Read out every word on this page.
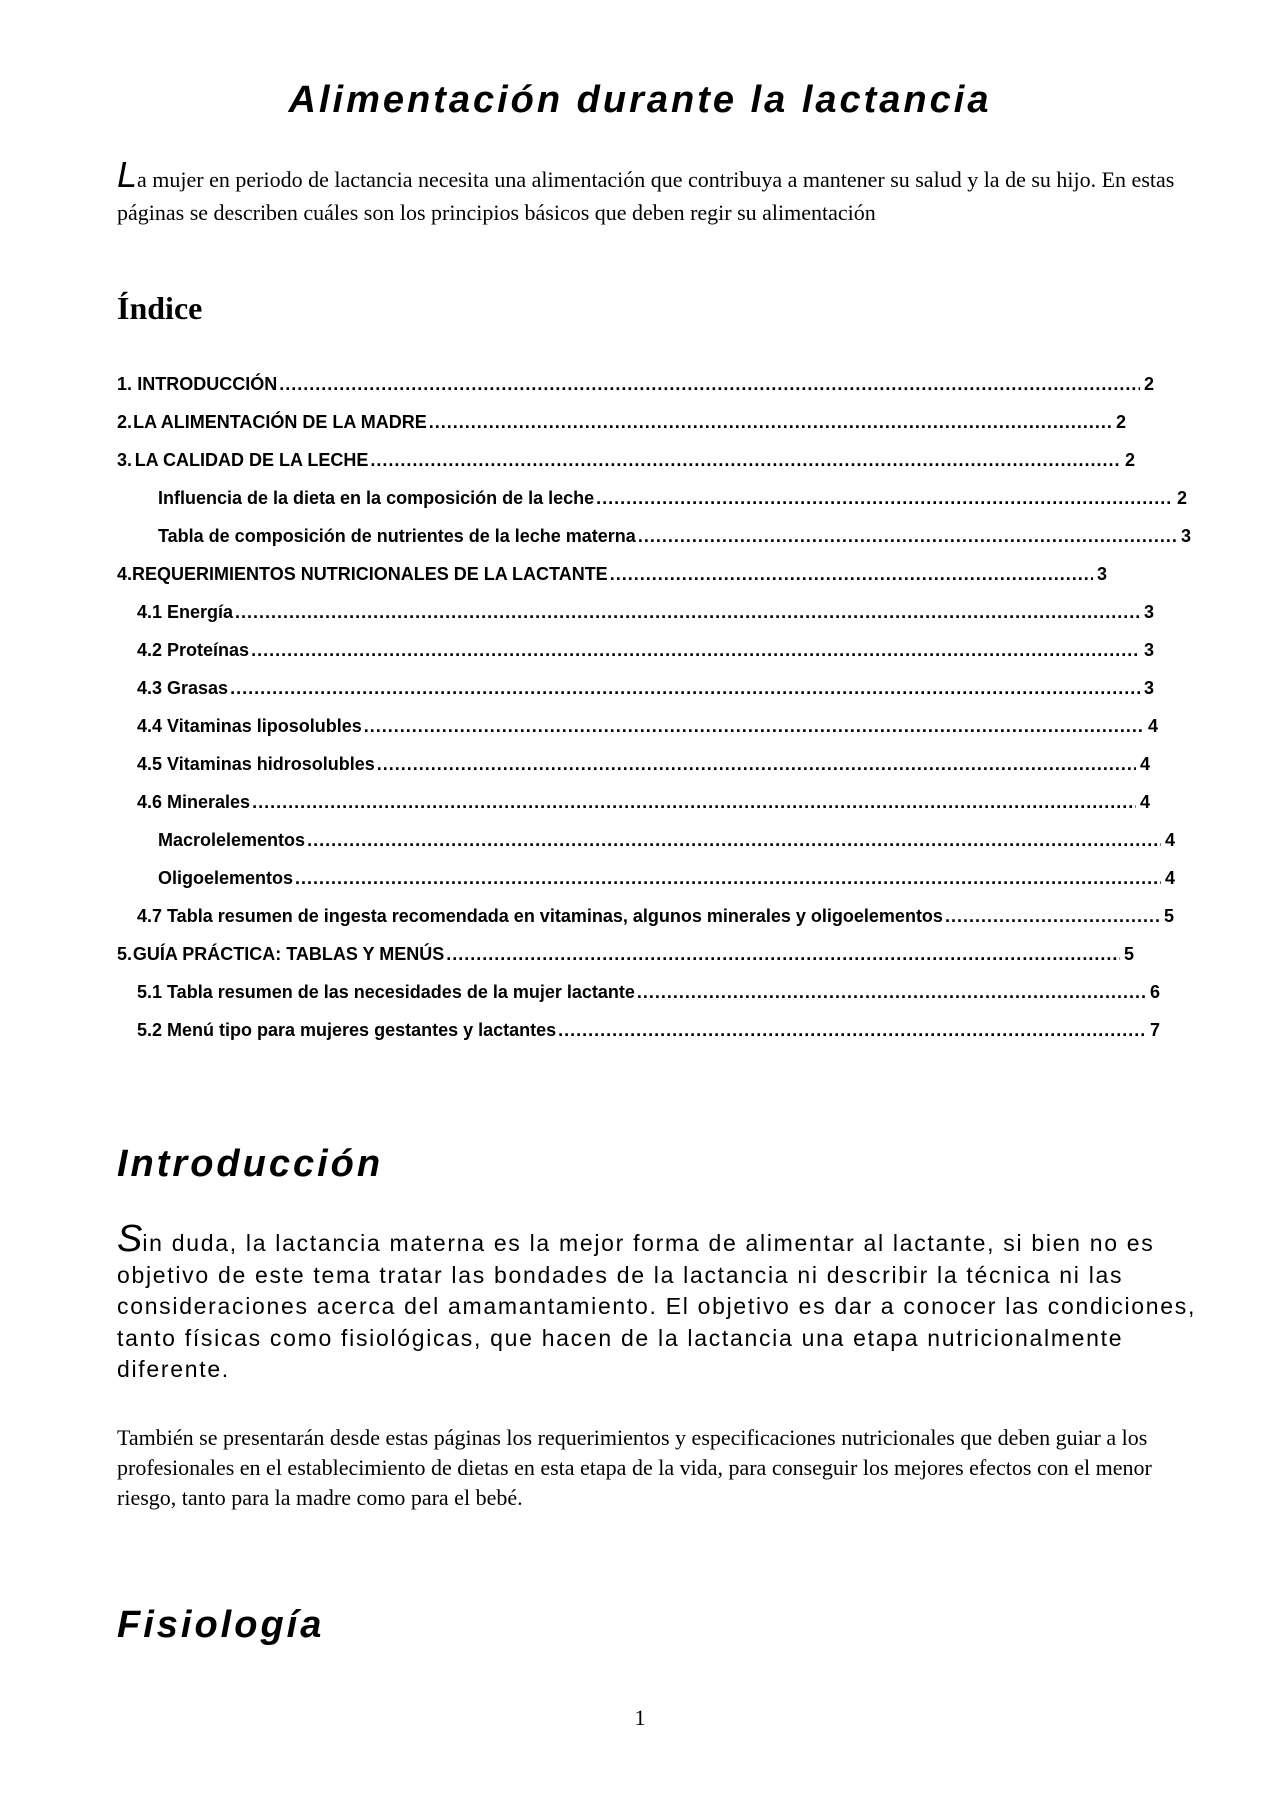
Alimentación durante la lactancia

La mujer en periodo de lactancia necesita una alimentación que contribuya a mantener su salud y la de su hijo. En estas páginas se describen cuáles son los principios básicos que deben regir su alimentación

Índice
1. INTRODUCCIÓN .....	2
2. LA ALIMENTACIÓN DE LA MADRE .....	2
3. LA CALIDAD DE LA LECHE .....	2
Influencia de la dieta en la composición de la leche .....	2
Tabla de composición de nutrientes de la leche materna .....	3
4. REQUERIMIENTOS NUTRICIONALES DE LA LACTANTE .....	3
4.1 Energía .....	3
4.2 Proteínas .....	3
4.3 Grasas .....	3
4.4 Vitaminas liposolubles .....	4
4.5 Vitaminas hidrosolubles .....	4
4.6 Minerales .....	4
Macrolelementos .....	4
Oligoelementos .....	4
4.7 Tabla resumen de ingesta recomendada en vitaminas, algunos minerales y oligoelementos .....	5
5. GUÍA PRÁCTICA: TABLAS Y MENÚS .....	5
5.1 Tabla resumen de las necesidades de la mujer lactante .....	6
5.2 Menú tipo para mujeres gestantes y lactantes .....	7
Introducción

Sin duda, la lactancia materna es la mejor forma de alimentar al lactante, si bien no es objetivo de este tema tratar las bondades de la lactancia ni describir la técnica ni las consideraciones acerca del amamantamiento. El objetivo es dar a conocer las condiciones, tanto físicas como fisiológicas, que hacen de la lactancia una etapa nutricionalmente diferente.

También se presentarán desde estas páginas los requerimientos y especificaciones nutricionales que deben guiar a los profesionales en el establecimiento de dietas en esta etapa de la vida, para conseguir los mejores efectos con el menor riesgo, tanto para la madre como para el bebé.

Fisiología

1
